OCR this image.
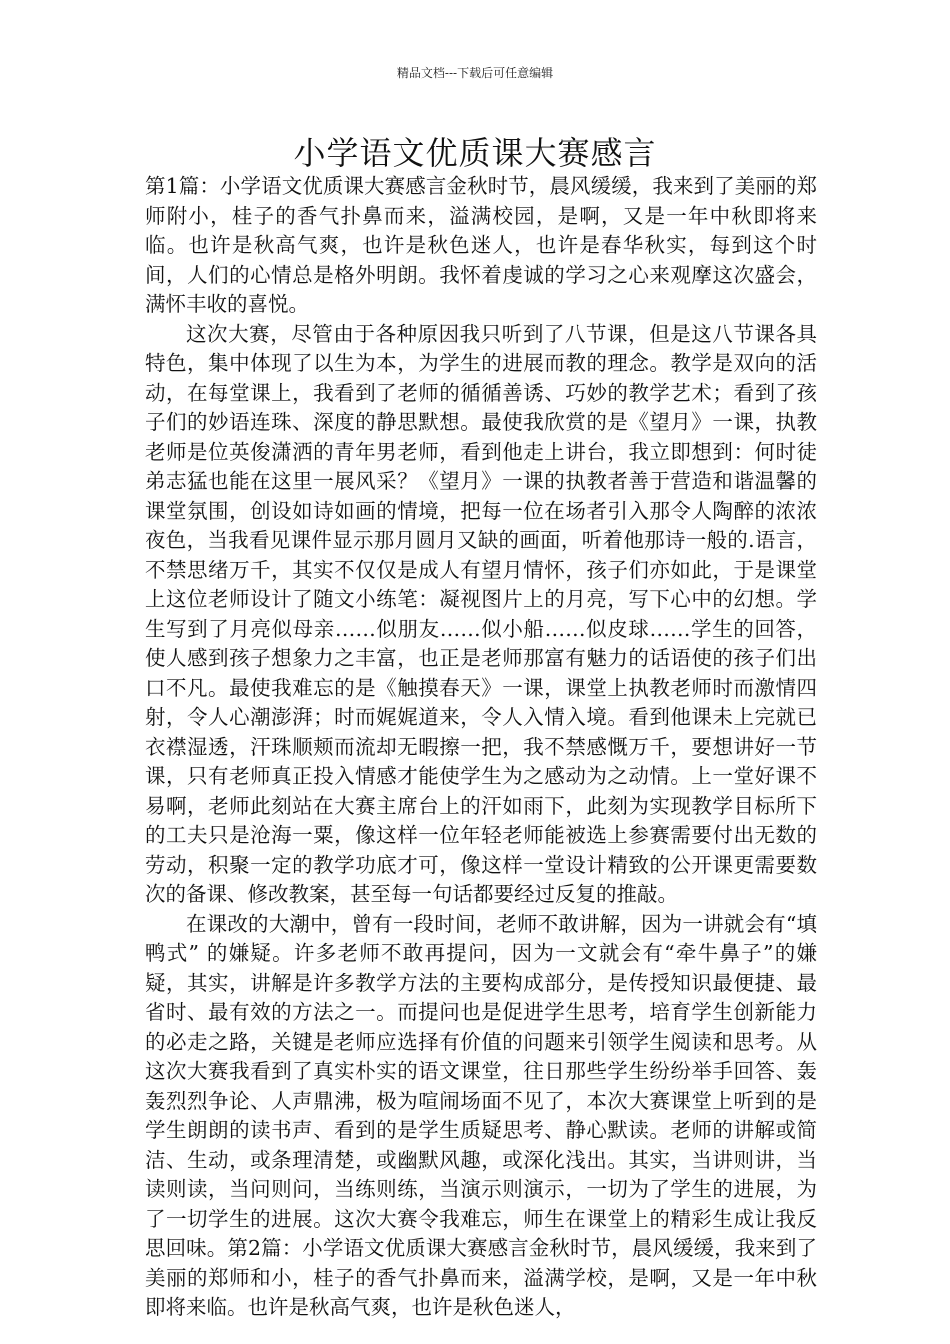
精品文档---下载后可任意编辑
小学语文优质课大赛感言

第1篇：小学语文优质课大赛感言金秋时节，晨风缓缓，我来到了美丽的郑师附小，桂子的香气扑鼻而来，溢满校园，是啊，又是一年中秋即将来临。也许是秋高气爽，也许是秋色迷人，也许是春华秋实，每到这个时间，人们的心情总是格外明朗。我怀着虔诚的学习之心来观摩这次盛会，满怀丰收的喜悦。

这次大赛，尽管由于各种原因我只听到了八节课，但是这八节课各具特色，集中体现了以生为本，为学生的进展而教的理念。教学是双向的活动，在每堂课上，我看到了老师的循循善诱、巧妙的教学艺术；看到了孩子们的妙语连珠、深度的静思默想。最使我欣赏的是《望月》一课，执教老师是位英俊潇洒的青年男老师，看到他走上讲台，我立即想到：何时徒弟志猛也能在这里一展风采？《望月》一课的执教者善于营造和谐温馨的课堂氛围，创设如诗如画的情境，把每一位在场者引入那令人陶醉的浓浓夜色，当我看见课件显示那月圆月又缺的画面，听着他那诗一般的.语言，不禁思绪万千，其实不仅仅是成人有望月情怀，孩子们亦如此，于是课堂上这位老师设计了随文小练笔：凝视图片上的月亮，写下心中的幻想。学生写到了月亮似母亲……似朋友……似小船……似皮球……学生的回答，使人感到孩子想象力之丰富，也正是老师那富有魅力的话语使的孩子们出口不凡。最使我难忘的是《触摸春天》一课，课堂上执教老师时而激情四射，令人心潮澎湃；时而娓娓道来，令人入情入境。看到他课未上完就已衣襟湿透，汗珠顺颊而流却无暇擦一把，我不禁感慨万千，要想讲好一节课，只有老师真正投入情感才能使学生为之感动为之动情。上一堂好课不易啊，老师此刻站在大赛主席台上的汗如雨下，此刻为实现教学目标所下的工夫只是沧海一粟，像这样一位年轻老师能被选上参赛需要付出无数的劳动，积聚一定的教学功底才可，像这样一堂设计精致的公开课更需要数次的备课、修改教案，甚至每一句话都要经过反复的推敲。

在课改的大潮中，曾有一段时间，老师不敢讲解，因为一讲就会有“填鸭式” 的嫌疑。许多老师不敢再提问，因为一文就会有“牵牛鼻子”的嫌疑，其实，讲解是许多教学方法的主要构成部分，是传授知识最便捷、最省时、最有效的方法之一。而提问也是促进学生思考，培育学生创新能力的必走之路，关键是老师应选择有价值的问题来引领学生阅读和思考。从这次大赛我看到了真实朴实的语文课堂，往日那些学生纷纷举手回答、轰轰烈烈争论、人声鼎沸，极为喧闹场面不见了，本次大赛课堂上听到的是学生朗朗的读书声、看到的是学生质疑思考、静心默读。老师的讲解或简洁、生动，或条理清楚，或幽默风趣，或深化浅出。其实，当讲则讲，当读则读，当问则问，当练则练，当演示则演示，一切为了学生的进展，为了一切学生的进展。这次大赛令我难忘，师生在课堂上的精彩生成让我反思回味。第2篇：小学语文优质课大赛感言金秋时节，晨风缓缓，我来到了美丽的郑师和小，桂子的香气扑鼻而来，溢满学校，是啊，又是一年中秋即将来临。也许是秋高气爽，也许是秋色迷人，
